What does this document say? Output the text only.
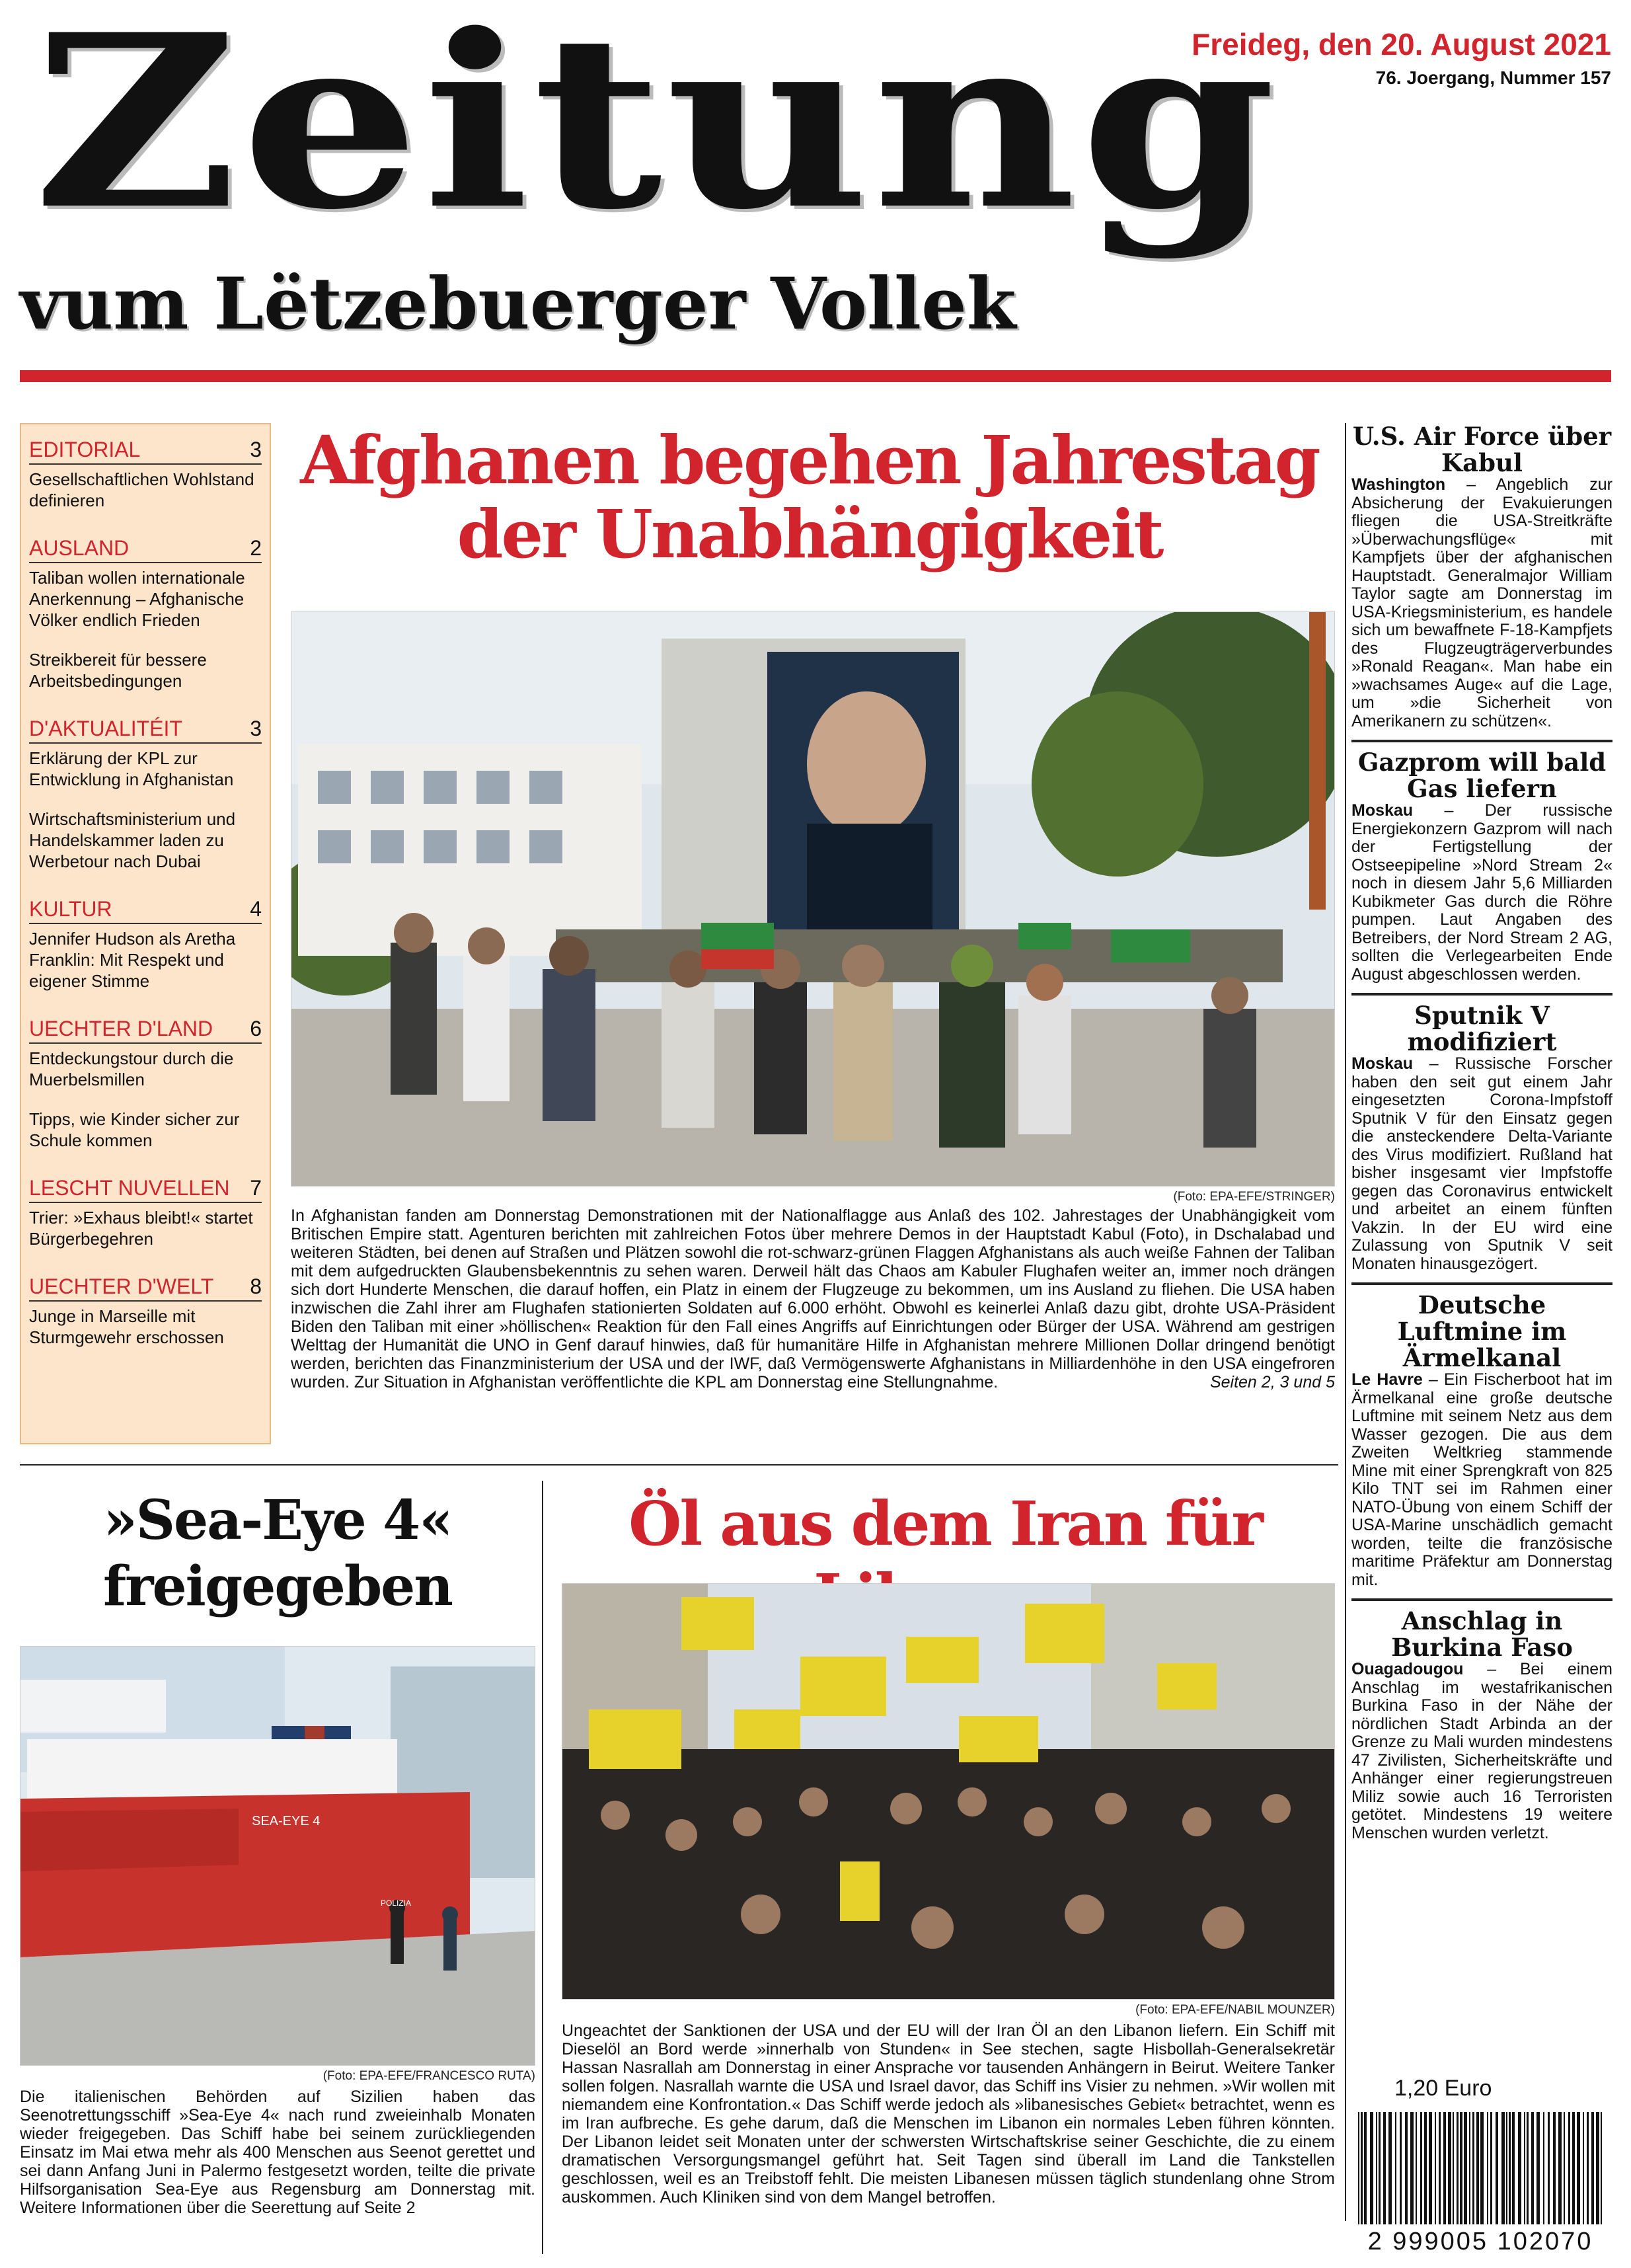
Zeitung
vum Lëtzebuerger Vollek
Freideg, den 20. August 2021
76. Joergang, Nummer 157
EDITORIAL	3
Gesellschaftlichen Wohlstand definieren
AUSLAND	2
Taliban wollen internationale Anerkennung – Afghanische Völker endlich Frieden
Streikbereit für bessere Arbeitsbedingungen
D'AKTUALITÉIT	3
Erklärung der KPL zur Entwicklung in Afghanistan
Wirtschaftsministerium und Handelskammer laden zu Werbetour nach Dubai
KULTUR	4
Jennifer Hudson als Aretha Franklin: Mit Respekt und eigener Stimme
UECHTER D'LAND 6
Entdeckungstour durch die Muerbelsmillen
Tipps, wie Kinder sicher zur Schule kommen
LESCHT NUVELLEN 7
Trier: »Exhaus bleibt!« startet Bürgerbegehren
UECHTER D'WELT 8
Junge in Marseille mit Sturmgewehr erschossen
Afghanen begehen Jahrestag
der Unabhängigkeit
(Foto: EPA-EFE/STRINGER)
In Afghanistan fanden am Donnerstag Demonstrationen mit der Nationalflagge aus Anlaß des 102. Jahrestages der Unabhängigkeit vom Britischen Empire statt. Agenturen berichten mit zahlreichen Fotos über mehrere Demos in der Hauptstadt Kabul (Foto), in Dschalabad und weiteren Städten, bei denen auf Straßen und Plätzen sowohl die rot-schwarz-grünen Flaggen Afghanistans als auch weiße Fahnen der Taliban mit dem aufgedruckten Glaubensbekenntnis zu sehen waren. Derweil hält das Chaos am Kabuler Flughafen weiter an, immer noch drängen sich dort Hunderte Menschen, die darauf hoffen, ein Platz in einem der Flugzeuge zu bekommen, um ins Ausland zu fliehen. Die USA haben inzwischen die Zahl ihrer am Flughafen stationierten Soldaten auf 6.000 erhöht. Obwohl es keinerlei Anlaß dazu gibt, drohte USA-Präsident Biden den Taliban mit einer »höllischen« Reaktion für den Fall eines Angriffs auf Einrichtungen oder Bürger der USA. Während am gestrigen Welttag der Humanität die UNO in Genf darauf hinwies, daß für humanitäre Hilfe in Afghanistan mehrere Millionen Dollar dringend benötigt werden, berichten das Finanzministerium der USA und der IWF, daß Vermögenswerte Afghanistans in Milliardenhöhe in den USA eingefroren wurden. Zur Situation in Afghanistan veröffentlichte die KPL am Donnerstag eine Stellungnahme.	Seiten 2, 3 und 5
U.S. Air Force über Kabul
Washington – Angeblich zur Absicherung der Evakuierungen fliegen die USA-Streitkräfte »Überwachungsflüge« mit Kampfjets über der afghanischen Hauptstadt. Generalmajor William Taylor sagte am Donnerstag im USA-Kriegsministerium, es handele sich um bewaffnete F-18-Kampfjets des Flugzeugträgerverbundes »Ronald Reagan«. Man habe ein »wachsames Auge« auf die Lage, um »die Sicherheit von Amerikanern zu schützen«.
Gazprom will bald Gas liefern
Moskau – Der russische Energiekonzern Gazprom will nach der Fertigstellung der Ostseepipeline »Nord Stream 2« noch in diesem Jahr 5,6 Milliarden Kubikmeter Gas durch die Röhre pumpen. Laut Angaben des Betreibers, der Nord Stream 2 AG, sollten die Verlegearbeiten Ende August abgeschlossen werden.
Sputnik V modifiziert
Moskau – Russische Forscher haben den seit gut einem Jahr eingesetzten Corona-Impfstoff Sputnik V für den Einsatz gegen die ansteckendere Delta-Variante des Virus modifiziert. Rußland hat bisher insgesamt vier Impfstoffe gegen das Coronavirus entwickelt und arbeitet an einem fünften Vakzin. In der EU wird eine Zulassung von Sputnik V seit Monaten hinausgezögert.
Deutsche Luftmine im Ärmelkanal
Le Havre – Ein Fischerboot hat im Ärmelkanal eine große deutsche Luftmine mit seinem Netz aus dem Wasser gezogen. Die aus dem Zweiten Weltkrieg stammende Mine mit einer Sprengkraft von 825 Kilo TNT sei im Rahmen einer NATO-Übung von einem Schiff der USA-Marine unschädlich gemacht worden, teilte die französische maritime Präfektur am Donnerstag mit.
Anschlag in Burkina Faso
Ouagadougou – Bei einem Anschlag im westafrikanischen Burkina Faso in der Nähe der nördlichen Stadt Arbinda an der Grenze zu Mali wurden mindestens 47 Zivilisten, Sicherheitskräfte und Anhänger einer regierungstreuen Miliz sowie auch 16 Terroristen getötet. Mindestens 19 weitere Menschen wurden verletzt.
»Sea-Eye 4«
freigegeben
SEA-EYE 4
POLIZIA
(Foto: EPA-EFE/FRANCESCO RUTA)
Die italienischen Behörden auf Sizilien haben das Seenotrettungsschiff »Sea-Eye 4« nach rund zweieinhalb Monaten wieder freigegeben. Das Schiff habe bei seinem zurückliegenden Einsatz im Mai etwa mehr als 400 Menschen aus Seenot gerettet und sei dann Anfang Juni in Palermo festgesetzt worden, teilte die private Hilfsorganisation Sea-Eye aus Regensburg am Donnerstag mit. Weitere Informationen über die Seerettung auf Seite 2
Öl aus dem Iran für
(Foto: EPA-EFE/NABIL MOUNZER)
Ungeachtet der Sanktionen der USA und der EU will der Iran Öl an den Libanon liefern. Ein Schiff mit Dieselöl an Bord werde »innerhalb von Stunden« in See stechen, sagte Hisbollah-Generalsekretär Hassan Nasrallah am Donnerstag in einer Ansprache vor tausenden Anhängern in Beirut. Weitere Tanker sollen folgen. Nasrallah warnte die USA und Israel davor, das Schiff ins Visier zu nehmen. »Wir wollen mit niemandem eine Konfrontation.« Das Schiff werde jedoch als »libanesisches Gebiet« betrachtet, wenn es im Iran aufbreche. Es gehe darum, daß die Menschen im Libanon ein normales Leben führen könnten. Der Libanon leidet seit Monaten unter der schwersten Wirtschaftskrise seiner Geschichte, die zu einem dramatischen Versorgungsmangel geführt hat. Seit Tagen sind überall im Land die Tankstellen geschlossen, weil es an Treibstoff fehlt. Die meisten Libanesen müssen täglich stundenlang ohne Strom auskommen. Auch Kliniken sind von dem Mangel betroffen.
1,20 Euro
2 999005 102070
